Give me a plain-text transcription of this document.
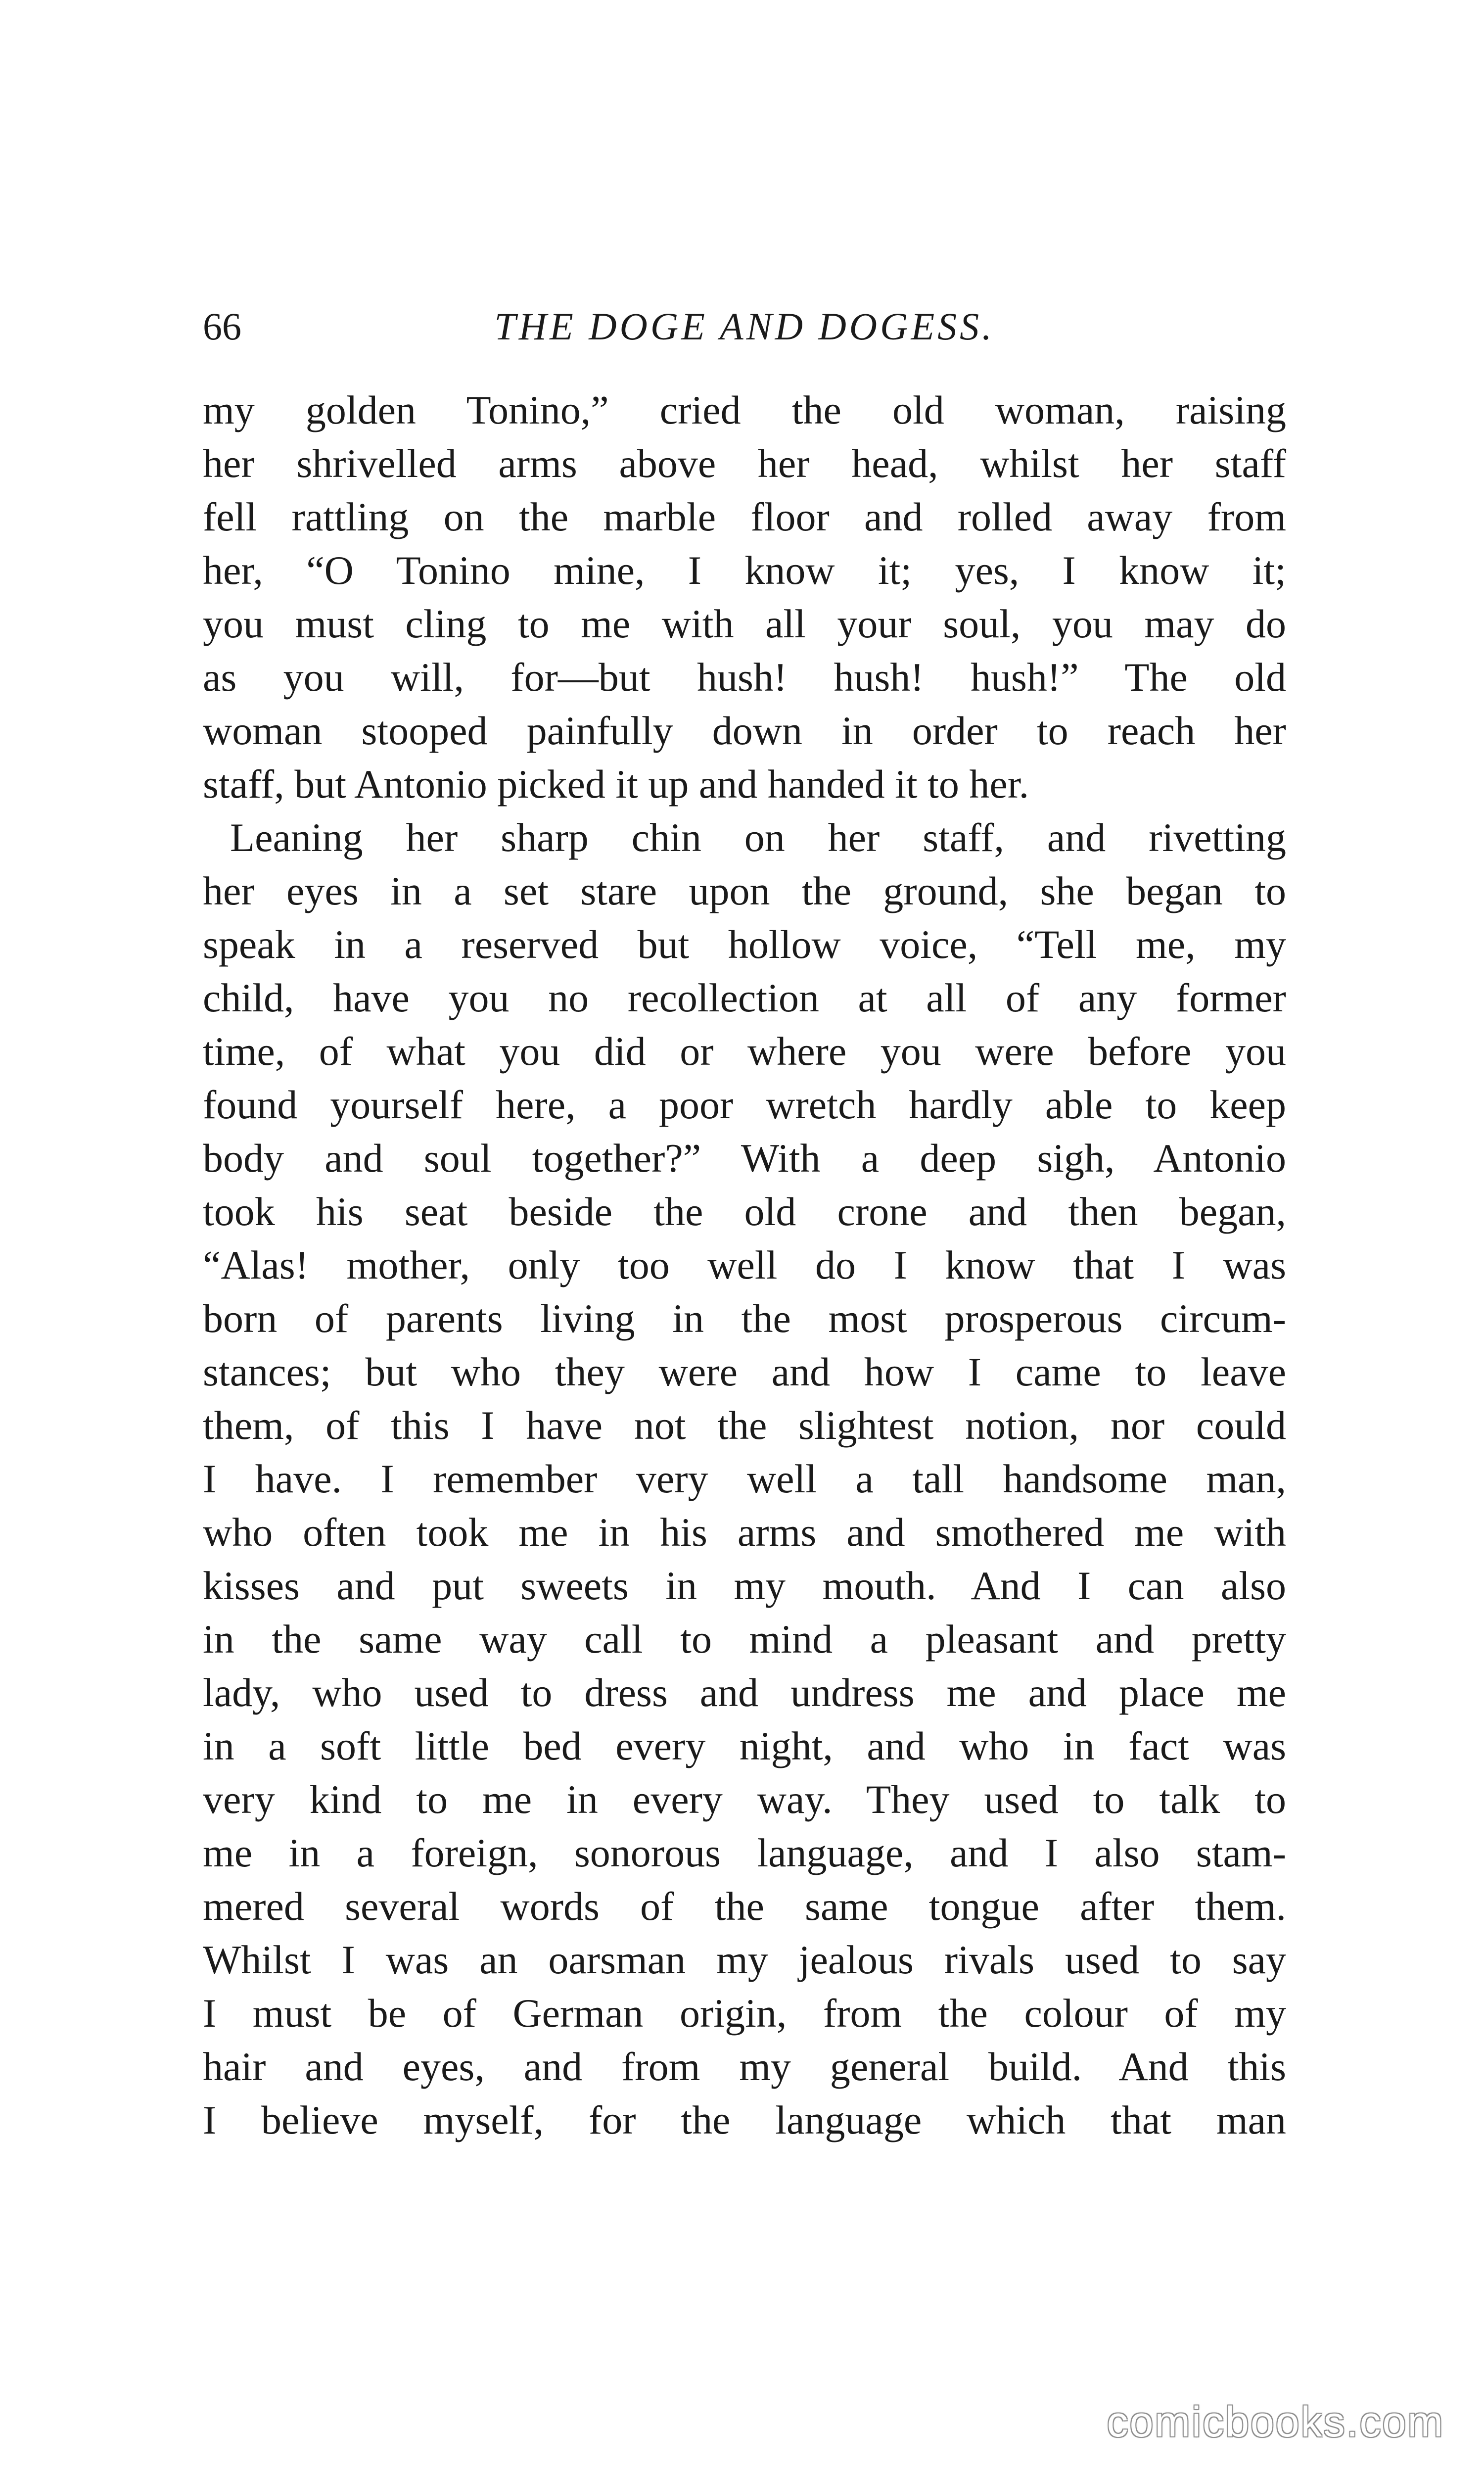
66	THE DOGE AND DOGESS.
my golden Tonino,” cried the old woman, raising
her shrivelled arms above her head, whilst her staff
fell rattling on the marble floor and rolled away from
her, “O Tonino mine, I know it; yes, I know it;
you must cling to me with all your soul, you may do
as you will, for—but hush! hush! hush!” The old
woman stooped painfully down in order to reach her
staff, but Antonio picked it up and handed it to her.
Leaning her sharp chin on her staff, and rivetting
her eyes in a set stare upon the ground, she began to
speak in a reserved but hollow voice, “Tell me, my
child, have you no recollection at all of any former
time, of what you did or where you were before you
found yourself here, a poor wretch hardly able to keep
body and soul together?” With a deep sigh, Antonio
took his seat beside the old crone and then began,
“Alas! mother, only too well do I know that I was
born of parents living in the most prosperous circum-
stances; but who they were and how I came to leave
them, of this I have not the slightest notion, nor could
I have. I remember very well a tall handsome man,
who often took me in his arms and smothered me with
kisses and put sweets in my mouth. And I can also
in the same way call to mind a pleasant and pretty
lady, who used to dress and undress me and place me
in a soft little bed every night, and who in fact was
very kind to me in every way. They used to talk to
me in a foreign, sonorous language, and I also stam-
mered several words of the same tongue after them.
Whilst I was an oarsman my jealous rivals used to say
I must be of German origin, from the colour of my
hair and eyes, and from my general build. And this
I believe myself, for the language which that man
comicbooks.com
